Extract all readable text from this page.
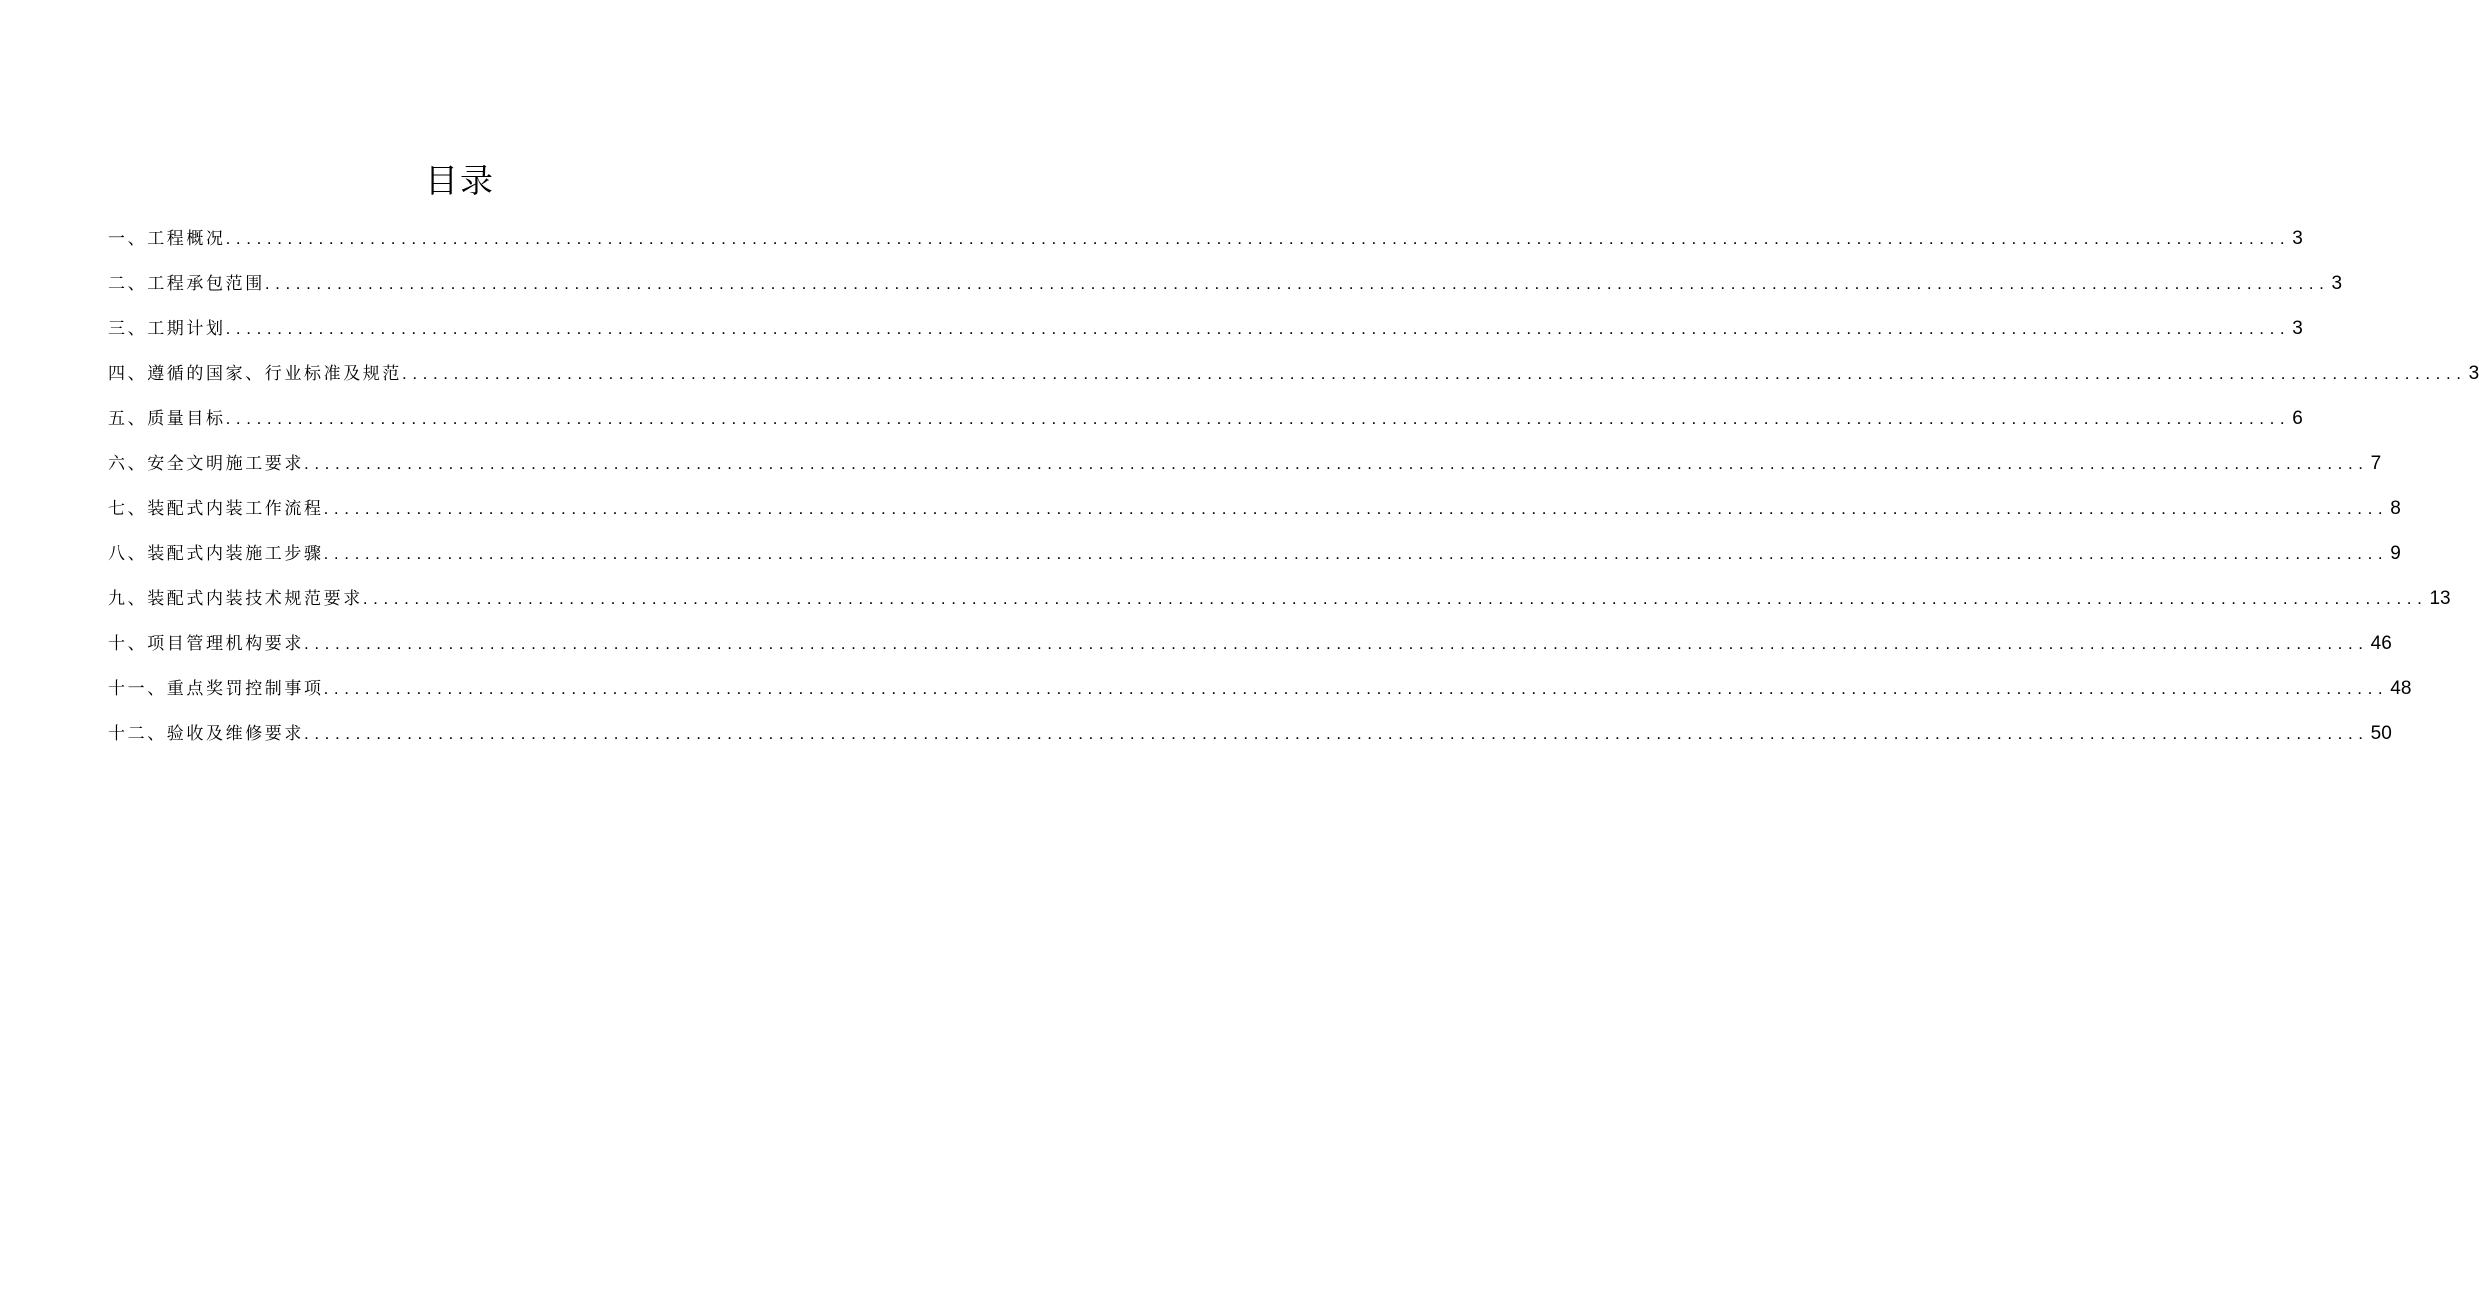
目录
一、工程概况 ........................................................................................................................................................................................................ 3
二、工程承包范围 ........................................................................................................................................................................................................ 3
三、工期计划 ........................................................................................................................................................................................................ 3
四、遵循的国家、行业标准及规范 ........................................................................................................................................................................................................ 3
五、质量目标 ........................................................................................................................................................................................................ 6
六、安全文明施工要求 ........................................................................................................................................................................................................ 7
七、装配式内装工作流程 ........................................................................................................................................................................................................ 8
八、装配式内装施工步骤 ........................................................................................................................................................................................................ 9
九、装配式内装技术规范要求 ........................................................................................................................................................................................................ 13
十、项目管理机构要求 ........................................................................................................................................................................................................ 46
十一、重点奖罚控制事项 ........................................................................................................................................................................................................ 48
十二、验收及维修要求 ........................................................................................................................................................................................................ 50
